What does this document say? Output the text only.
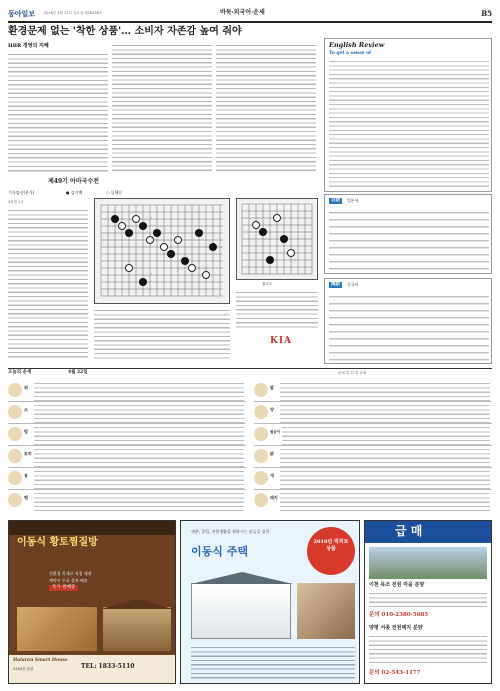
동아일보	2018년 4월 22일 일요일 제26438호	바둑·외국어·운세	B5
환경문제 없는 '착한 상품'… 소비자 자존감 높여 줘야
HBR 경영의 지혜	English Review
To get a sense of
日語	일본어
漢語	중국어
제49기 아마국수전
기자임신(본가)	● 김기백	○ 류해문
4강전 1국
참고도
KIA
오늘의 운세	4월 22일	운세 및 띠 별 운세
쥐
소
범
토끼
용
뱀
말
양
원숭이
닭
개
돼지
이동식 황토찜질방
친환경 목재로 직접 제작
계약시 무료 설치·배송
특가 판매중
Halaran Smart House
2244건 상판	TEL: 1833-5110
귀촌, 창업, 전원생활을 원하시는 분들을 위한
이동식 주택
2018년 빅히트 상품
급 매
이천 목조 전원 마을 분양
문의 010-2380-5085
양평 서종 전원택지 분양
문의 02-543-1177
